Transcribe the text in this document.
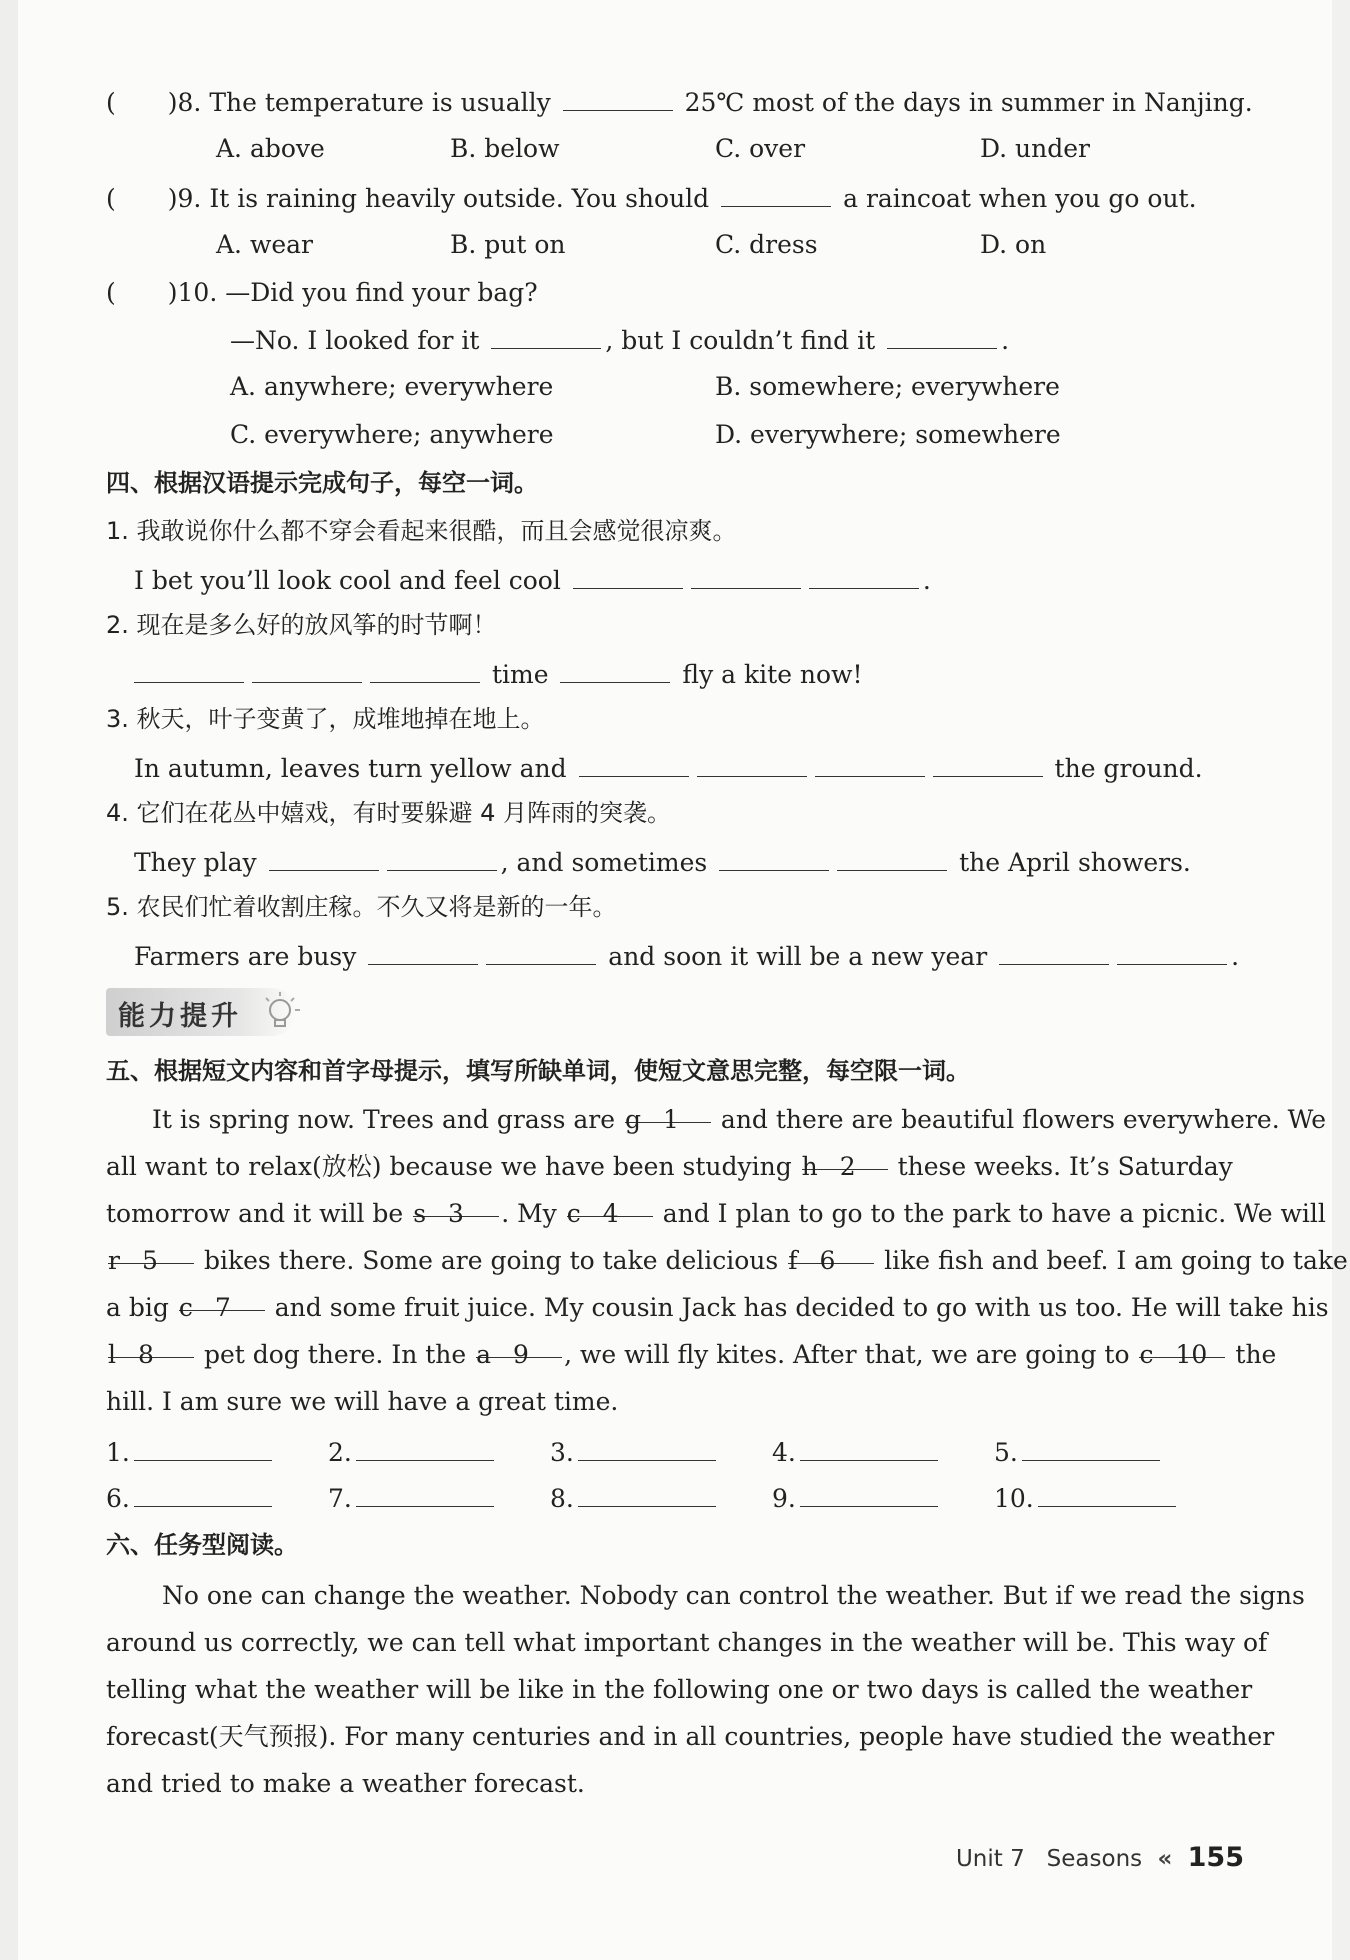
( )8. The temperature is usually	25℃ most of the days in summer in Nanjing.
A. above	B. below	C. over	D. under
( )9. It is raining heavily outside. You should	a raincoat when you go out.
A. wear	B. put on	C. dress	D. on
( )10. —Did you find your bag?
—No. I looked for it	, but I couldn’t find it	.
A. anywhere; everywhere	B. somewhere; everywhere
C. everywhere; anywhere	D. everywhere; somewhere
四、根据汉语提示完成句子，每空一词。
1. 我敢说你什么都不穿会看起来很酷，而且会感觉很凉爽。
I bet you’ll look cool and feel cool	.
2. 现在是多么好的放风筝的时节啊！
time	fly a kite now!
3. 秋天，叶子变黄了，成堆地掉在地上。
In autumn, leaves turn yellow and	the ground.
4. 它们在花丛中嬉戏，有时要躲避 4 月阵雨的突袭。
They play	, and sometimes	the April showers.
5. 农民们忙着收割庄稼。不久又将是新的一年。
Farmers are busy	and soon it will be a new year	.
能力提升
五、根据短文内容和首字母提示，填写所缺单词，使短文意思完整，每空限一词。
It is spring now. Trees and grass are g 1 and there are beautiful flowers everywhere. We
all want to relax(放松) because we have been studying h 2 these weeks. It’s Saturday
tomorrow and it will be s 3 . My c 4 and I plan to go to the park to have a picnic. We will
r 5 bikes there. Some are going to take delicious f 6 like fish and beef. I am going to take
a big c 7 and some fruit juice. My cousin Jack has decided to go with us too. He will take his
l 8 pet dog there. In the a 9 , we will fly kites. After that, we are going to c 10 the
hill. I am sure we will have a great time.
1.	2.	3.	4.	5.
6.	7.	8.	9.	10.
六、任务型阅读。
No one can change the weather. Nobody can control the weather. But if we read the signs
around us correctly, we can tell what important changes in the weather will be. This way of
telling what the weather will be like in the following one or two days is called the weather
forecast(天气预报). For many centuries and in all countries, people have studied the weather
and tried to make a weather forecast.
Unit 7 Seasons « 155
